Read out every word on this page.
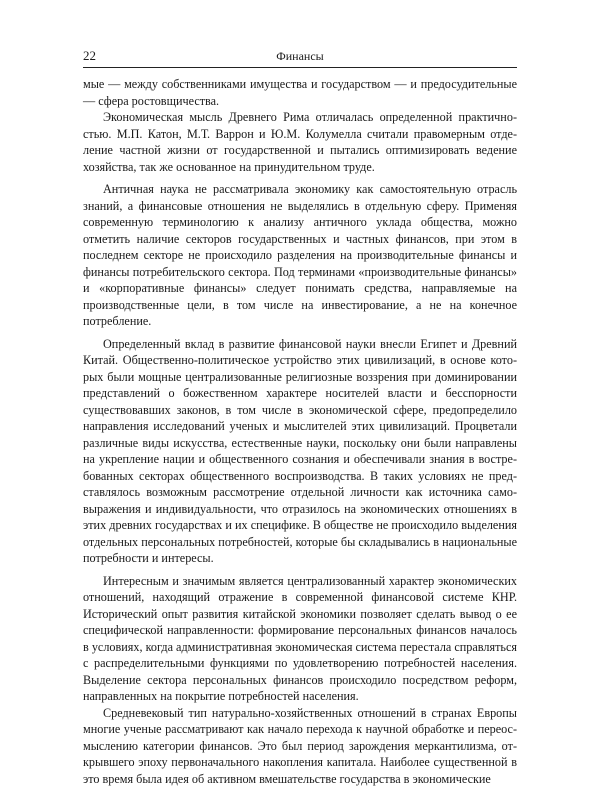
22	Финансы

мые — между собственниками имущества и государством — и предосудительные — сфера ростовщичества.

Экономическая мысль Древнего Рима отличалась определенной практичностью. М.П. Катон, М.Т. Варрон и Ю.М. Колумелла считали правомерным отделение частной жизни от государственной и пытались оптимизировать ведение хозяйства, так же основанное на принудительном труде.

Античная наука не рассматривала экономику как самостоятельную отрасль знаний, а финансовые отношения не выделялись в отдельную сферу. Применяя современную терминологию к анализу античного уклада общества, можно отметить наличие секторов государственных и частных финансов, при этом в последнем секторе не происходило разделения на производительные финансы и финансы потребительского сектора. Под терминами «производительные финансы» и «корпоративные финансы» следует понимать средства, направляемые на производственные цели, в том числе на инвестирование, а не на конечное потребление.

Определенный вклад в развитие финансовой науки внесли Египет и Древний Китай. Общественно-политическое устройство этих цивилизаций, в основе которых были мощные централизованные религиозные воззрения при доминировании представлений о божественном характере носителей власти и бесспорности существовавших законов, в том числе в экономической сфере, предопределило направления исследований ученых и мыслителей этих цивилизаций. Процветали различные виды искусства, естественные науки, поскольку они были направлены на укрепление нации и общественного сознания и обеспечивали знания в востребованных секторах общественного воспроизводства. В таких условиях не представлялось возможным рассмотрение отдельной личности как источника самовыражения и индивидуальности, что отразилось на экономических отношениях в этих древних государствах и их специфике. В обществе не происходило выделения отдельных персональных потребностей, которые бы складывались в национальные потребности и интересы.

Интересным и значимым является централизованный характер экономических отношений, находящий отражение в современной финансовой системе КНР. Исторический опыт развития китайской экономики позволяет сделать вывод о ее специфической направленности: формирование персональных финансов началось в условиях, когда административная экономическая система перестала справляться с распределительными функциями по удовлетворению потребностей населения. Выделение сектора персональных финансов происходило посредством реформ, направленных на покрытие потребностей населения.

Средневековый тип натурально-хозяйственных отношений в странах Европы многие ученые рассматривают как начало перехода к научной обработке и переосмыслению категории финансов. Это был период зарождения меркантилизма, открывшего эпоху первоначального накопления капитала. Наиболее существенной в это время была идея об активном вмешательстве государства в экономические
